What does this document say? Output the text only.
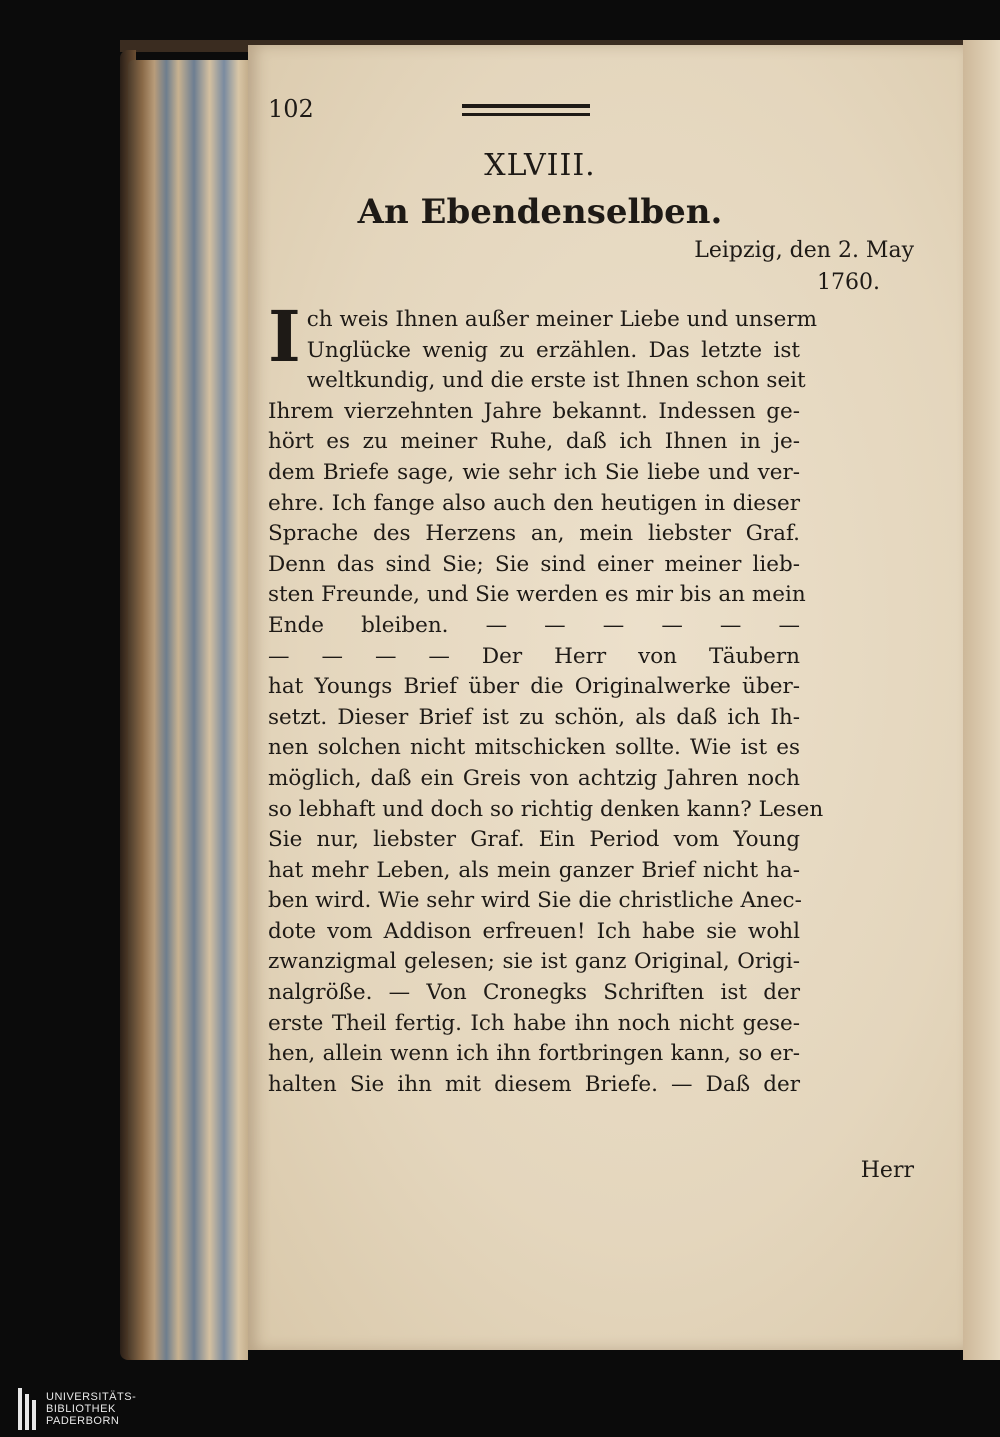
102
XLVIII.
An Ebendenselben.
Leipzig, den 2. May
1760.
I ch weis Ihnen außer meiner Liebe und unserm
Unglücke wenig zu erzählen. Das letzte ist
weltkundig, und die erste ist Ihnen schon seit
Ihrem vierzehnten Jahre bekannt. Indessen ge-
hört es zu meiner Ruhe, daß ich Ihnen in je-
dem Briefe sage, wie sehr ich Sie liebe und ver-
ehre. Ich fange also auch den heutigen in dieser
Sprache des Herzens an, mein liebster Graf.
Denn das sind Sie; Sie sind einer meiner lieb-
sten Freunde, und Sie werden es mir bis an mein
Ende bleiben. — — — — — —
— — — — Der Herr von Täubern
hat Youngs Brief über die Originalwerke über-
setzt. Dieser Brief ist zu schön, als daß ich Ih-
nen solchen nicht mitschicken sollte. Wie ist es
möglich, daß ein Greis von achtzig Jahren noch
so lebhaft und doch so richtig denken kann? Lesen
Sie nur, liebster Graf. Ein Period vom Young
hat mehr Leben, als mein ganzer Brief nicht ha-
ben wird. Wie sehr wird Sie die christliche Anec-
dote vom Addison erfreuen! Ich habe sie wohl
zwanzigmal gelesen; sie ist ganz Original, Origi-
nalgröße. — Von Cronegks Schriften ist der
erste Theil fertig. Ich habe ihn noch nicht gese-
hen, allein wenn ich ihn fortbringen kann, so er-
halten Sie ihn mit diesem Briefe. — Daß der
Herr
UNIVERSITÄTS-
BIBLIOTHEK
PADERBORN
